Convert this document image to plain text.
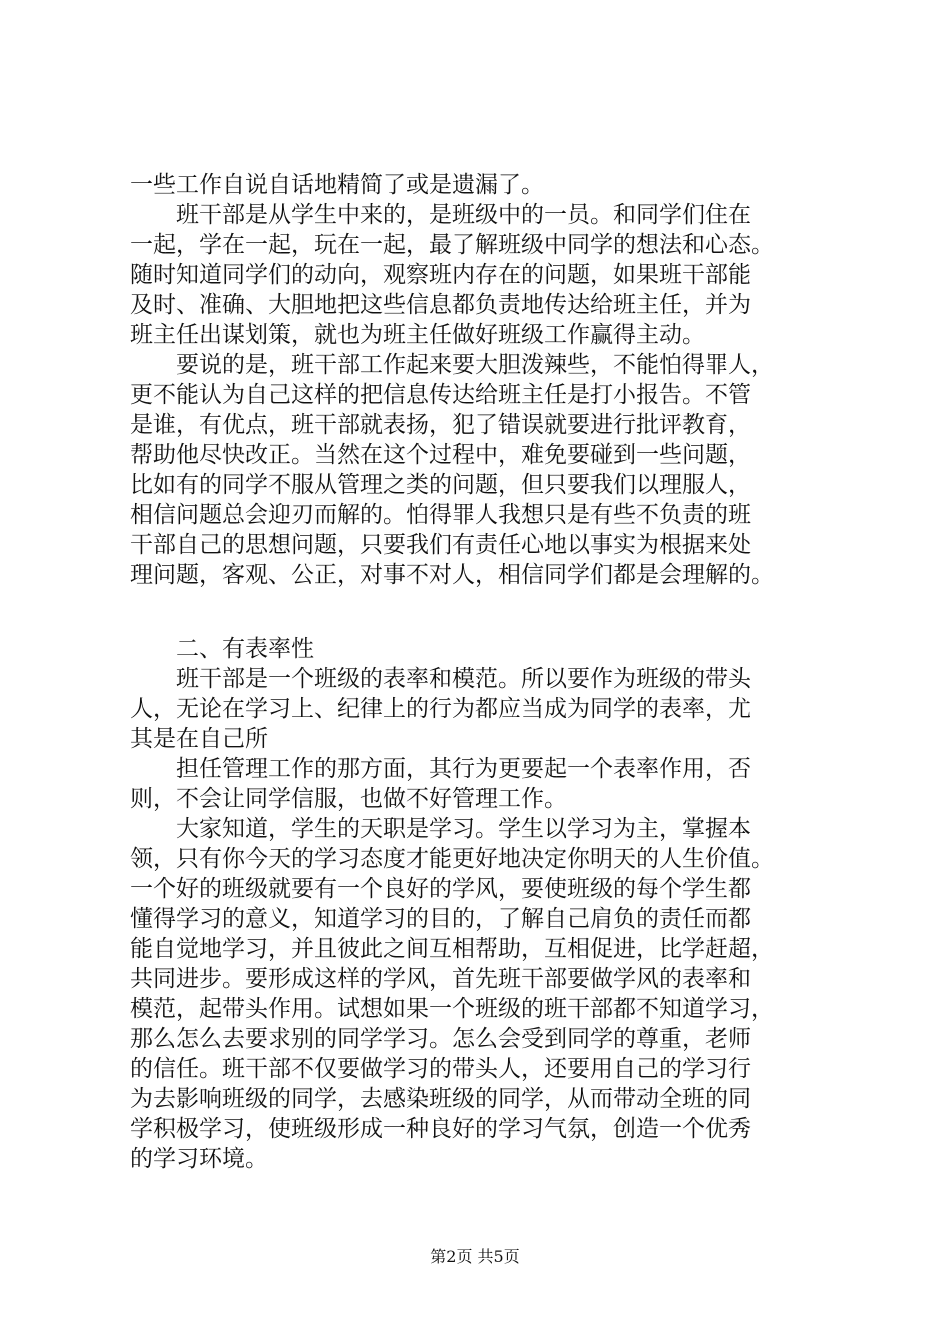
一些工作自说自话地精简了或是遗漏了。
班干部是从学生中来的，是班级中的一员。和同学们住在
一起，学在一起，玩在一起，最了解班级中同学的想法和心态。
随时知道同学们的动向，观察班内存在的问题，如果班干部能
及时、准确、大胆地把这些信息都负责地传达给班主任，并为
班主任出谋划策，就也为班主任做好班级工作赢得主动。
要说的是，班干部工作起来要大胆泼辣些，不能怕得罪人，
更不能认为自己这样的把信息传达给班主任是打小报告。不管
是谁，有优点，班干部就表扬，犯了错误就要进行批评教育，
帮助他尽快改正。当然在这个过程中，难免要碰到一些问题，
比如有的同学不服从管理之类的问题，但只要我们以理服人，
相信问题总会迎刃而解的。怕得罪人我想只是有些不负责的班
干部自己的思想问题，只要我们有责任心地以事实为根据来处
理问题，客观、公正，对事不对人，相信同学们都是会理解的。
二、有表率性
班干部是一个班级的表率和模范。所以要作为班级的带头
人，无论在学习上、纪律上的行为都应当成为同学的表率，尤
其是在自己所
担任管理工作的那方面，其行为更要起一个表率作用，否
则，不会让同学信服，也做不好管理工作。
大家知道，学生的天职是学习。学生以学习为主，掌握本
领，只有你今天的学习态度才能更好地决定你明天的人生价值。
一个好的班级就要有一个良好的学风，要使班级的每个学生都
懂得学习的意义，知道学习的目的，了解自己肩负的责任而都
能自觉地学习，并且彼此之间互相帮助，互相促进，比学赶超，
共同进步。要形成这样的学风，首先班干部要做学风的表率和
模范，起带头作用。试想如果一个班级的班干部都不知道学习，
那么怎么去要求别的同学学习。怎么会受到同学的尊重，老师
的信任。班干部不仅要做学习的带头人，还要用自己的学习行
为去影响班级的同学，去感染班级的同学，从而带动全班的同
学积极学习，使班级形成一种良好的学习气氛，创造一个优秀
的学习环境。
第2页 共5页
